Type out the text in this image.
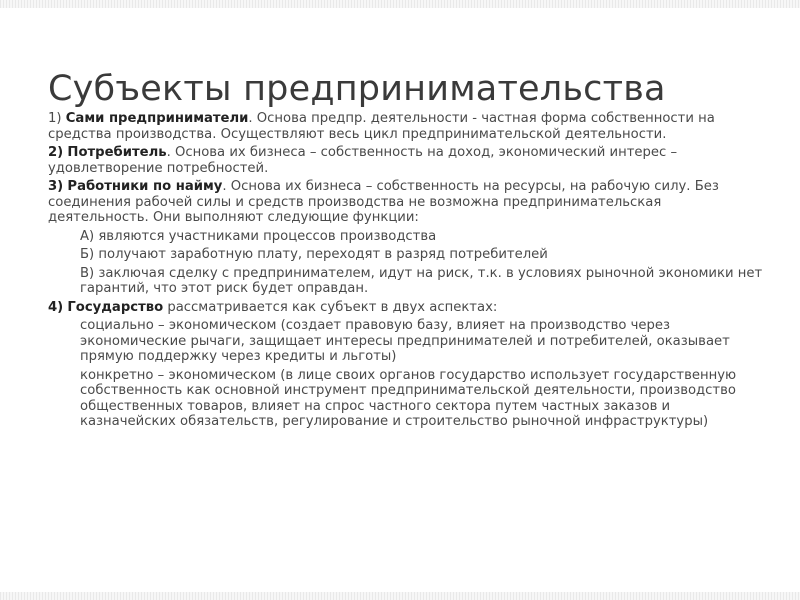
Субъекты предпринимательства

1) Сами предприниматели. Основа предпр. деятельности - частная форма собственности на средства производства. Осуществляют весь цикл предпринимательской деятельности.

2) Потребитель. Основа их бизнеса – собственность на доход, экономический интерес – удовлетворение потребностей.

3) Работники по найму. Основа их бизнеса – собственность на ресурсы, на рабочую силу. Без соединения рабочей силы и средств производства не возможна предпринимательская деятельность. Они выполняют следующие функции:

А) являются участниками процессов производства
Б) получают заработную плату, переходят в разряд потребителей
В) заключая сделку с предпринимателем, идут на риск, т.к. в условиях рыночной экономики нет гарантий, что этот риск будет оправдан.

4) Государство рассматривается как субъект в двух аспектах:

социально – экономическом (создает правовую базу, влияет на производство через экономические рычаги, защищает интересы предпринимателей и потребителей, оказывает прямую поддержку через кредиты и льготы)
конкретно – экономическом (в лице своих органов государство использует государственную собственность как основной инструмент предпринимательской деятельности, производство общественных товаров, влияет на спрос частного сектора путем частных заказов и казначейских обязательств, регулирование и строительство рыночной инфраструктуры)
